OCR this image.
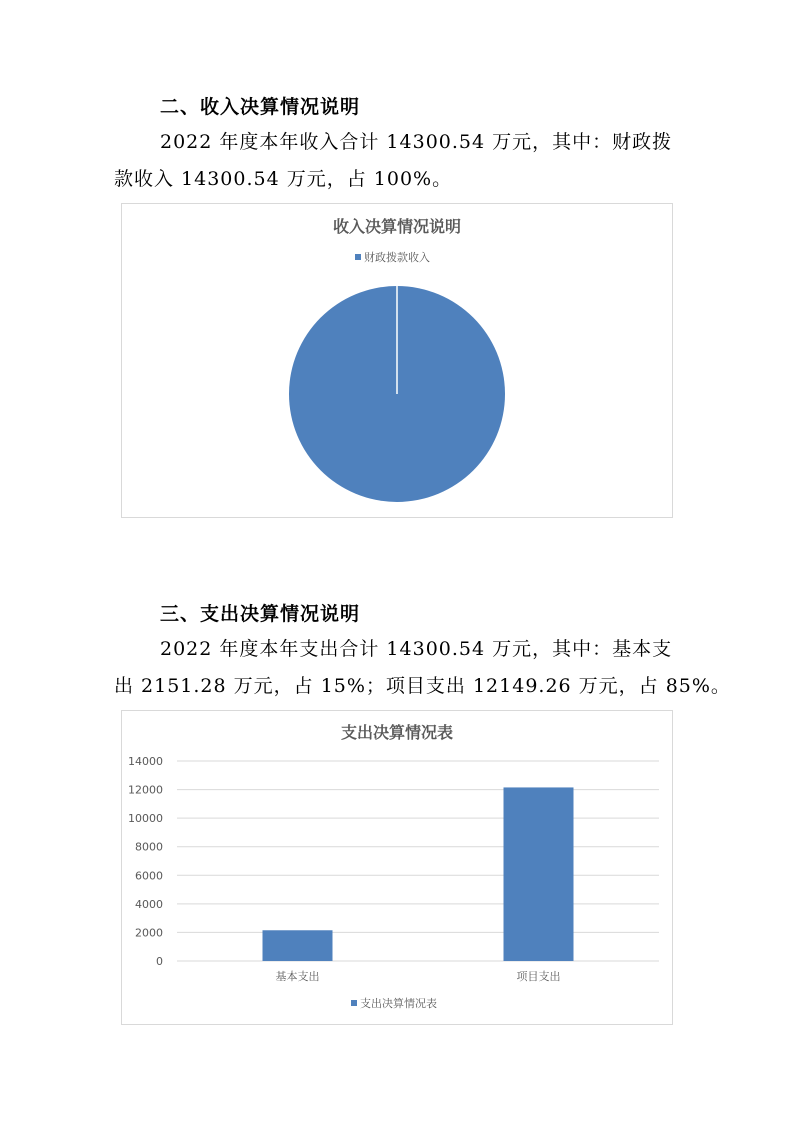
二、收入决算情况说明
2022 年度本年收入合计 14300.54 万元，其中：财政拨
款收入 14300.54 万元，占 100%。
收入决算情况说明
财政拨款收入
三、支出决算情况说明
2022 年度本年支出合计 14300.54 万元，其中：基本支
出 2151.28 万元，占 15%；项目支出 12149.26 万元，占 85%。
支出决算情况表
0
2000
4000
6000
8000
10000
12000
14000
基本支出	项目支出
支出决算情况表
